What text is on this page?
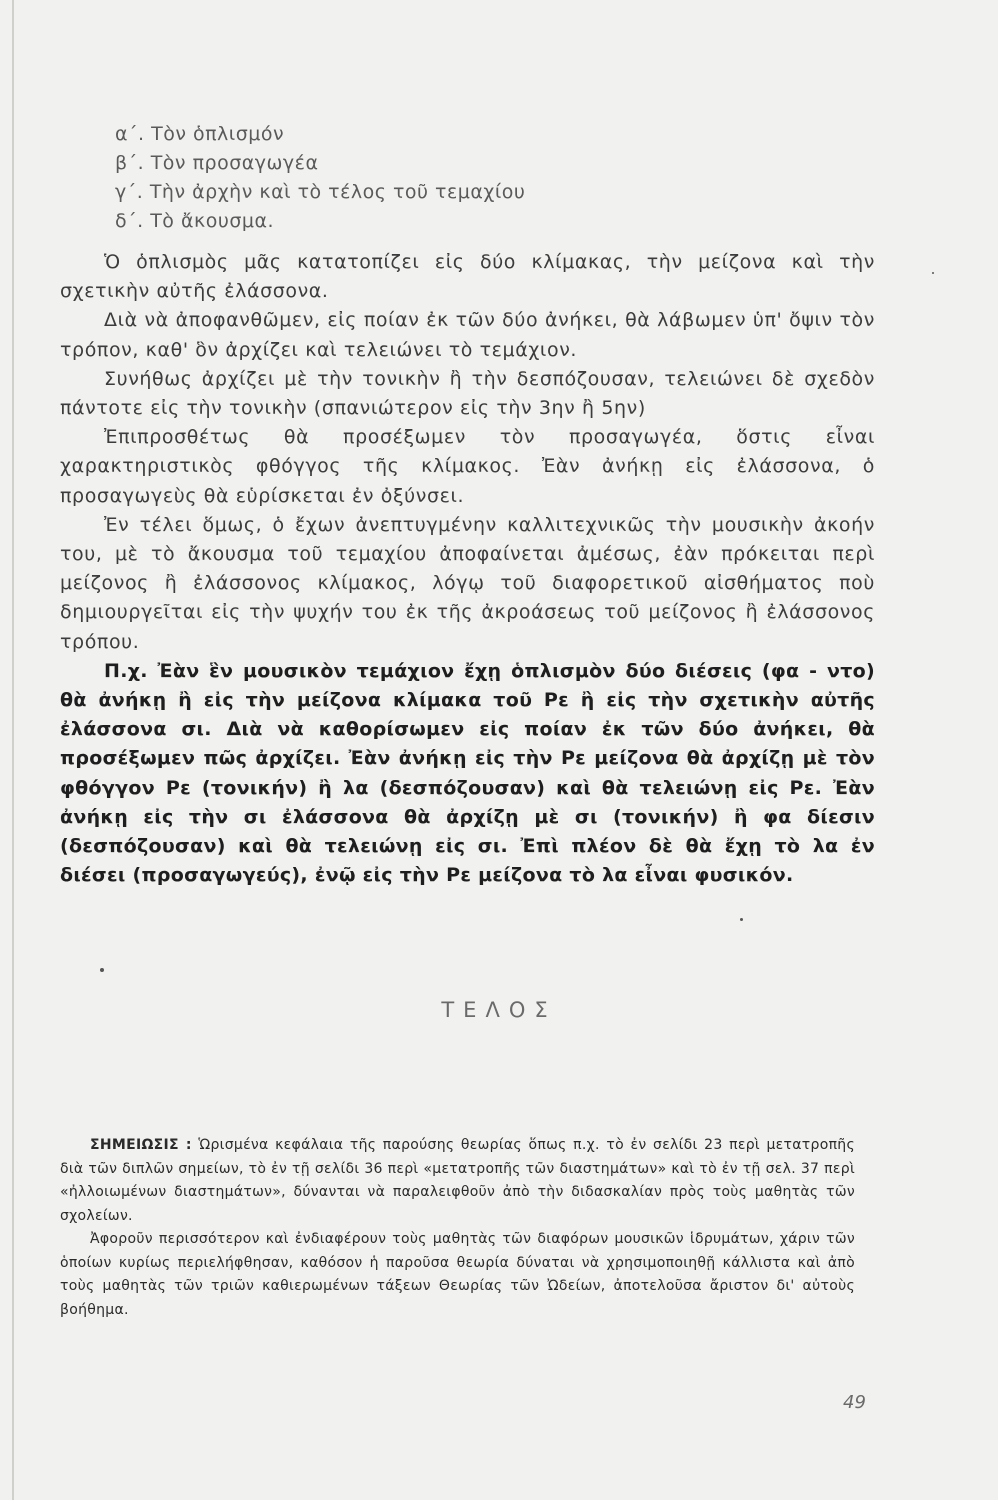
α΄. Τὸν ὁπλισμόν
β΄. Τὸν προσαγωγέα
γ΄. Τὴν ἀρχὴν καὶ τὸ τέλος τοῦ τεμαχίου
δ΄. Τὸ ἄκουσμα.

Ὁ ὁπλισμὸς μᾶς κατατοπίζει εἰς δύο κλίμακας, τὴν μείζονα καὶ τὴν σχετικὴν αὐτῆς ἐλάσσονα.

Διὰ νὰ ἀποφανθῶμεν, εἰς ποίαν ἐκ τῶν δύο ἀνήκει, θὰ λάβωμεν ὑπ' ὄψιν τὸν τρόπον, καθ' ὃν ἀρχίζει καὶ τελειώνει τὸ τεμάχιον.

Συνήθως ἀρχίζει μὲ τὴν τονικὴν ἢ τὴν δεσπόζουσαν, τελειώνει δὲ σχεδὸν πάντοτε εἰς τὴν τονικὴν (σπανιώτερον εἰς τὴν 3ην ἢ 5ην)

Ἐπιπροσθέτως θὰ προσέξωμεν τὸν προσαγωγέα, ὅστις εἶναι χαρακτηριστικὸς φθόγγος τῆς κλίμακος. Ἐὰν ἀνήκῃ εἰς ἐλάσσονα, ὁ προσαγωγεὺς θὰ εὑρίσκεται ἐν ὀξύνσει.

Ἐν τέλει ὅμως, ὁ ἔχων ἀνεπτυγμένην καλλιτεχνικῶς τὴν μουσικὴν ἀκοήν του, μὲ τὸ ἄκουσμα τοῦ τεμαχίου ἀποφαίνεται ἀμέσως, ἐὰν πρόκειται περὶ μείζονος ἢ ἐλάσσονος κλίμακος, λόγῳ τοῦ διαφορετικοῦ αἰσθήματος ποὺ δημιουργεῖται εἰς τὴν ψυχήν του ἐκ τῆς ἀκροάσεως τοῦ μείζονος ἢ ἐλάσσονος τρόπου.

Π.χ. Ἐὰν ἓν μουσικὸν τεμάχιον ἔχῃ ὁπλισμὸν δύο διέσεις (φα - ντο) θὰ ἀνήκῃ ἢ εἰς τὴν μείζονα κλίμακα τοῦ Ρε ἢ εἰς τὴν σχετικὴν αὐτῆς ἐλάσσονα σι. Διὰ νὰ καθορίσωμεν εἰς ποίαν ἐκ τῶν δύο ἀνήκει, θὰ προσέξωμεν πῶς ἀρχίζει. Ἐὰν ἀνήκῃ εἰς τὴν Ρε μείζονα θὰ ἀρχίζῃ μὲ τὸν φθόγγον Ρε (τονικήν) ἢ λα (δεσπόζουσαν) καὶ θὰ τελειώνῃ εἰς Ρε. Ἐὰν ἀνήκῃ εἰς τὴν σι ἐλάσσονα θὰ ἀρχίζῃ μὲ σι (τονικήν) ἢ φα δίεσιν (δεσπόζουσαν) καὶ θὰ τελειώνῃ εἰς σι. Ἐπὶ πλέον δὲ θὰ ἔχῃ τὸ λα ἐν διέσει (προσαγωγεύς), ἐνῷ εἰς τὴν Ρε μείζονα τὸ λα εἶναι φυσικόν.

ΤΕΛΟΣ

ΣΗΜΕΙΩΣΙΣ : Ὡρισμένα κεφάλαια τῆς παρούσης θεωρίας ὅπως π.χ. τὸ ἐν σελίδι 23 περὶ μετατροπῆς διὰ τῶν διπλῶν σημείων, τὸ ἐν τῇ σελίδι 36 περὶ «μετατροπῆς τῶν διαστημάτων» καὶ τὸ ἐν τῇ σελ. 37 περὶ «ἠλλοιωμένων διαστημάτων», δύνανται νὰ παραλειφθοῦν ἀπὸ τὴν διδασκαλίαν πρὸς τοὺς μαθητὰς τῶν σχολείων.

Ἀφοροῦν περισσότερον καὶ ἐνδιαφέρουν τοὺς μαθητὰς τῶν διαφόρων μουσικῶν ἱδρυμάτων, χάριν τῶν ὁποίων κυρίως περιελήφθησαν, καθόσον ἡ παροῦσα θεωρία δύναται νὰ χρησιμοποιηθῇ κάλλιστα καὶ ἀπὸ τοὺς μαθητὰς τῶν τριῶν καθιερωμένων τάξεων Θεωρίας τῶν Ὠδείων, ἀποτελοῦσα ἄριστον δι' αὐτοὺς βοήθημα.

49
